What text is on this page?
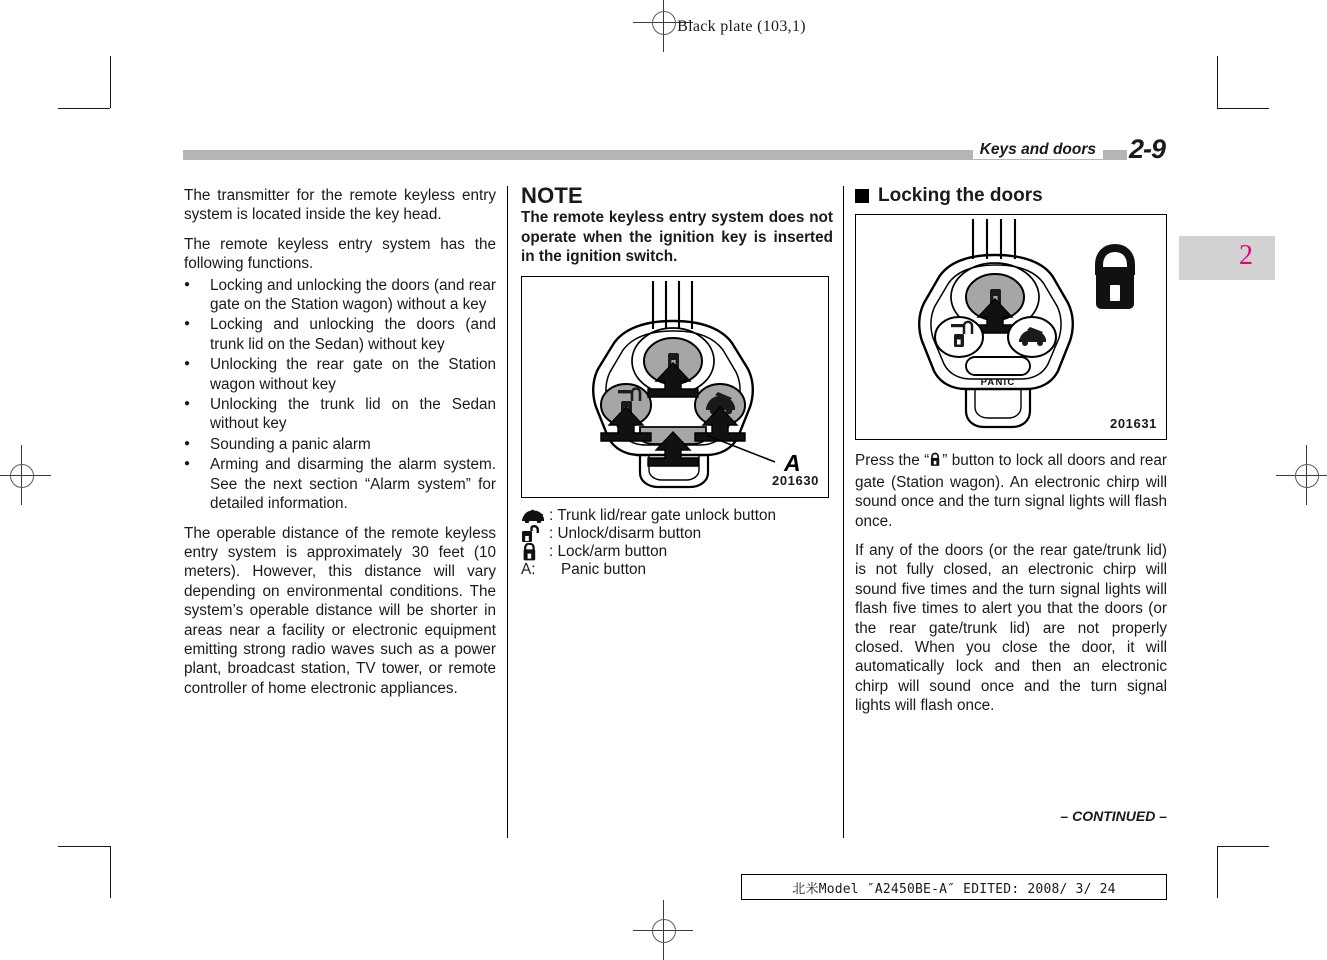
Black plate (103,1)
Keys and doors 2-9
2

The transmitter for the remote keyless entry system is located inside the key head.

The remote keyless entry system has the following functions.

● Locking and unlocking the doors (and rear gate on the Station wagon) without a key
● Locking and unlocking the doors (and trunk lid on the Sedan) without key
● Unlocking the rear gate on the Station wagon without key
● Unlocking the trunk lid on the Sedan without key
● Sounding a panic alarm
● Arming and disarming the alarm system. See the next section “Alarm system” for detailed information.

The operable distance of the remote keyless entry system is approximately 30 feet (10 meters). However, this distance will vary depending on environmental conditions. The system’s operable distance will be shorter in areas near a facility or electronic equipment emitting strong radio waves such as a power plant, broadcast station, TV tower, or remote controller of home electronic appliances.

NOTE
The remote keyless entry system does not operate when the ignition key is inserted in the ignition switch.
A
201630
: Trunk lid/rear gate unlock button
: Unlock/disarm button
: Lock/arm button
A:	Panic button
Locking the doors
PANIC
201631

Press the “ ” button to lock all doors and rear gate (Station wagon). An electronic chirp will sound once and the turn signal lights will flash once.

If any of the doors (or the rear gate/trunk lid) is not fully closed, an electronic chirp will sound five times and the turn signal lights will flash five times to alert you that the doors (or the rear gate/trunk lid) are not properly closed. When you close the door, it will automatically lock and then an electronic chirp will sound once and the turn signal lights will flash once.

– CONTINUED –
北米Model ″A2450BE-A″ EDITED: 2008/ 3/ 24
